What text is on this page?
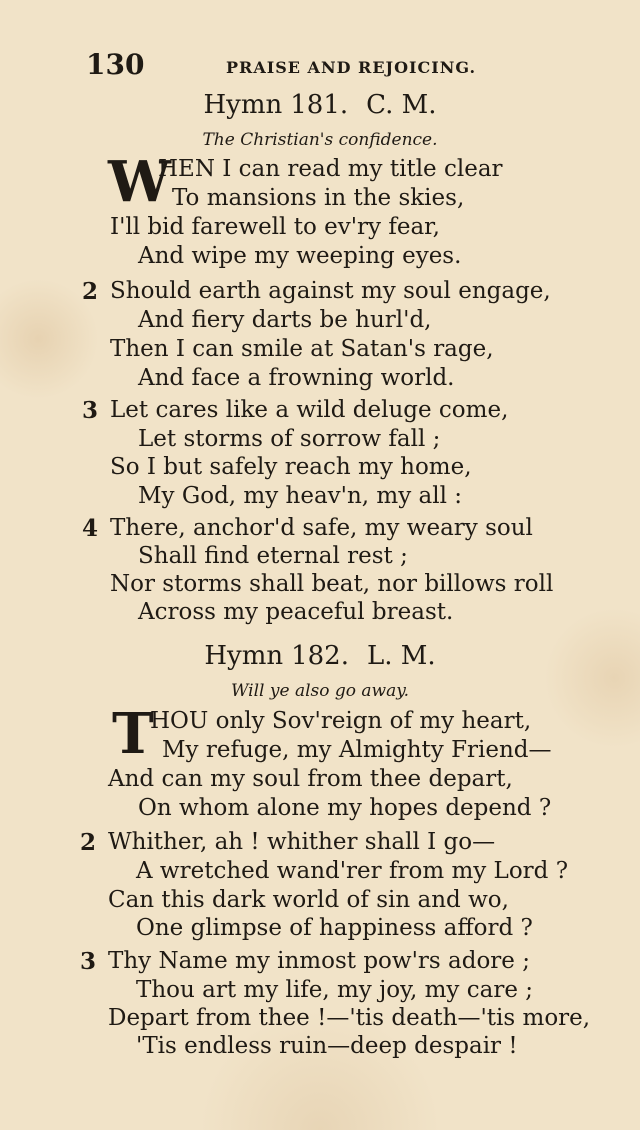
130	PRAISE AND REJOICING.
Hymn 181. C. M.
The Christian's confidence.
W
HEN I can read my title clear
To mansions in the skies,
I'll bid farewell to ev'ry fear,
And wipe my weeping eyes.
2 Should earth against my soul engage,
And fiery darts be hurl'd,
Then I can smile at Satan's rage,
And face a frowning world.
3 Let cares like a wild deluge come,
Let storms of sorrow fall ;
So I but safely reach my home,
My God, my heav'n, my all :
4 There, anchor'd safe, my weary soul
Shall find eternal rest ;
Nor storms shall beat, nor billows roll
Across my peaceful breast.
Hymn 182. L. M.
Will ye also go away.
T
HOU only Sov'reign of my heart,
My refuge, my Almighty Friend—
And can my soul from thee depart,
On whom alone my hopes depend ?
2 Whither, ah ! whither shall I go—
A wretched wand'rer from my Lord ?
Can this dark world of sin and wo,
One glimpse of happiness afford ?
3 Thy Name my inmost pow'rs adore ;
Thou art my life, my joy, my care ;
Depart from thee !—'tis death—'tis more,
'Tis endless ruin—deep despair !
